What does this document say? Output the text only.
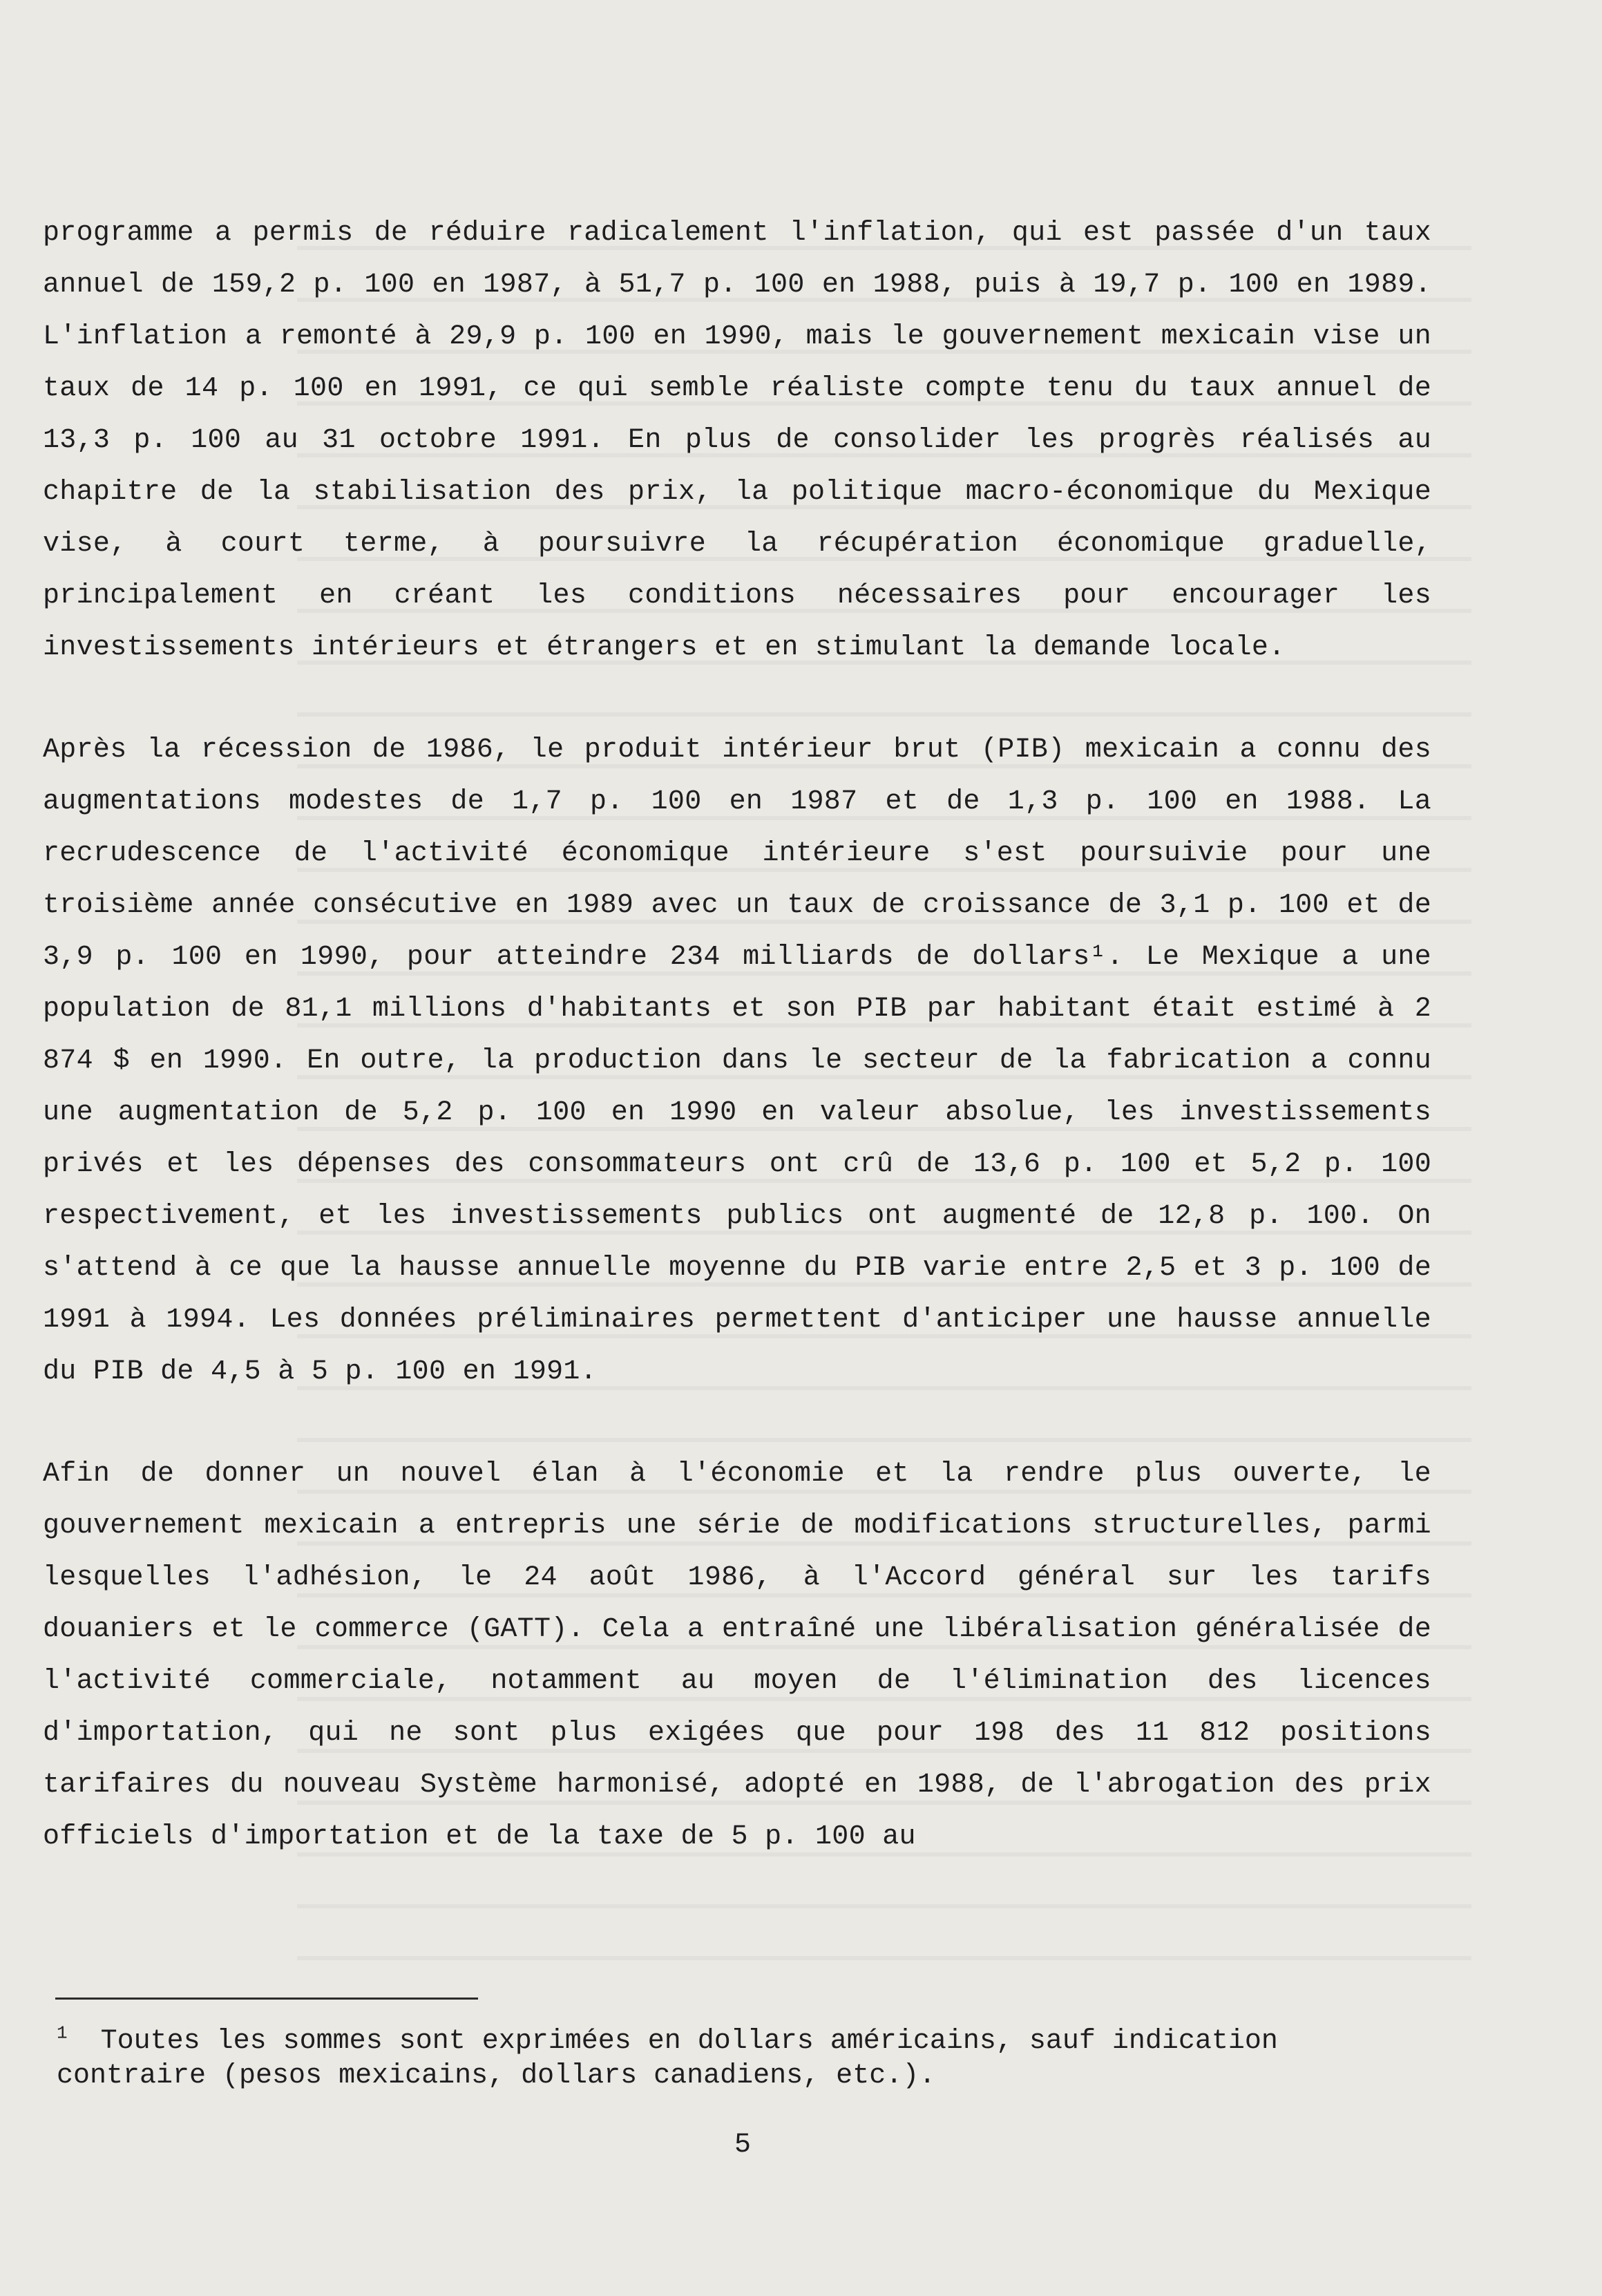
programme a permis de réduire radicalement l'inflation, qui est passée d'un taux annuel de 159,2 p. 100 en 1987, à 51,7 p. 100 en 1988, puis à 19,7 p. 100 en 1989. L'inflation a remonté à 29,9 p. 100 en 1990, mais le gouvernement mexicain vise un taux de 14 p. 100 en 1991, ce qui semble réaliste compte tenu du taux annuel de 13,3 p. 100 au 31 octobre 1991. En plus de consolider les progrès réalisés au chapitre de la stabilisation des prix, la politique macro-économique du Mexique vise, à court terme, à poursuivre la récupération économique graduelle, principalement en créant les conditions nécessaires pour encourager les investissements intérieurs et étrangers et en stimulant la demande locale.

Après la récession de 1986, le produit intérieur brut (PIB) mexicain a connu des augmentations modestes de 1,7 p. 100 en 1987 et de 1,3 p. 100 en 1988. La recrudescence de l'activité économique intérieure s'est poursuivie pour une troisième année consécutive en 1989 avec un taux de croissance de 3,1 p. 100 et de 3,9 p. 100 en 1990, pour atteindre 234 milliards de dollars¹. Le Mexique a une population de 81,1 millions d'habitants et son PIB par habitant était estimé à 2 874 $ en 1990. En outre, la production dans le secteur de la fabrication a connu une augmentation de 5,2 p. 100 en 1990 en valeur absolue, les investissements privés et les dépenses des consommateurs ont crû de 13,6 p. 100 et 5,2 p. 100 respectivement, et les investissements publics ont augmenté de 12,8 p. 100. On s'attend à ce que la hausse annuelle moyenne du PIB varie entre 2,5 et 3 p. 100 de 1991 à 1994. Les données préliminaires permettent d'anticiper une hausse annuelle du PIB de 4,5 à 5 p. 100 en 1991.

Afin de donner un nouvel élan à l'économie et la rendre plus ouverte, le gouvernement mexicain a entrepris une série de modifications structurelles, parmi lesquelles l'adhésion, le 24 août 1986, à l'Accord général sur les tarifs douaniers et le commerce (GATT). Cela a entraîné une libéralisation généralisée de l'activité commerciale, notamment au moyen de l'élimination des licences d'importation, qui ne sont plus exigées que pour 198 des 11 812 positions tarifaires du nouveau Système harmonisé, adopté en 1988, de l'abrogation des prix officiels d'importation et de la taxe de 5 p. 100 au

$^1$ Toutes les sommes sont exprimées en dollars américains, sauf indication contraire (pesos mexicains, dollars canadiens, etc.).
5
